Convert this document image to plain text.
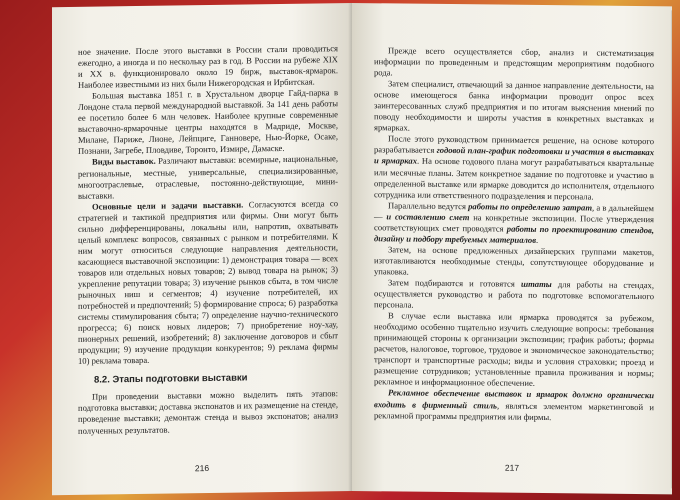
ное значение. После этого выставки в России стали проводиться ежегодно, а иногда и по нескольку раз в год. В России на рубеже XIX и XX в. функционировало около 19 бирж, выставок-ярмарок. Наиболее известными из них были Нижегородская и Ирбитская.

Большая выставка 1851 г. в Хрустальном дворце Гайд-парка в Лондоне стала первой международной выставкой. За 141 день работы ее посетило более 6 млн человек. Наиболее крупные современные выставочно-ярмарочные центры находятся в Мадриде, Москве, Милане, Париже, Лионе, Лейпциге, Ганновере, Нью-Йорке, Осаке, Познани, Загребе, Пловдиве, Торонто, Измире, Дамаске.

Виды выставок. Различают выставки: всемирные, национальные, региональные, местные, универсальные, специализированные, многоотраслевые, отраслевые, постоянно-действующие, мини-выставки.

Основные цели и задачи выставки. Согласуются всегда со стратегией и тактикой предприятия или фирмы. Они могут быть сильно дифференцированы, локальны или, напротив, охватывать целый комплекс вопросов, связанных с рынком и потребителями. К ним могут относиться следующие направления деятельности, касающиеся выставочной экспозиции: 1) демонстрация товара — всех товаров или отдельных новых товаров; 2) вывод товара на рынок; 3) укрепление репутации товара; 3) изучение рынков сбыта, в том числе рыночных ниш и сегментов; 4) изучение потребителей, их потребностей и предпочтений; 5) формирование спроса; 6) разработка системы стимулирования сбыта; 7) определение научно-технического прогресса; 6) поиск новых лидеров; 7) приобретение ноу-хау, пионерных решений, изобретений; 8) заключение договоров и сбыт продукции; 9) изучение продукции конкурентов; 9) реклама фирмы 10) реклама товара.

8.2. Этапы подготовки выставки

При проведении выставки можно выделить пять этапов: подготовка выставки; доставка экспонатов и их размещение на стенде, проведение выставки; демонтаж стенда и вывоз экспонатов; анализ полученных результатов.

216

Прежде всего осуществляется сбор, анализ и систематизация информации по проведенным и предстоящим мероприятиям подобного рода.

Затем специалист, отвечающий за данное направление деятельности, на основе имеющегося банка информации проводит опрос всех заинтересованных служб предприятия и по итогам выяснения мнений по поводу необходимости и широты участия в конкретных выставках и ярмарках.

После этого руководством принимается решение, на основе которого разрабатывается годовой план-график подготовки и участия в выставках и ярмарках. На основе годового плана могут разрабатываться квартальные или месячные планы. Затем конкретное задание по подготовке и участию в определенной выставке или ярмарке доводится до исполнителя, отдельного сотрудника или ответственного подразделения и персонала.

Параллельно ведутся работы по определению затрат, а в дальнейшем — и составлению смет на конкретные экспозиции. После утверждения соответствующих смет проводятся работы по проектированию стендов, дизайну и подбору требуемых материалов.

Затем, на основе предложенных дизайнерских группами макетов, изготавливаются необходимые стенды, сопутствующее оборудование и упаковка.

Затем подбираются и готовятся штаты для работы на стендах, осуществляется руководство и работа по подготовке вспомогательного персонала.

В случае если выставка или ярмарка проводятся за рубежом, необходимо особенно тщательно изучить следующие вопросы: требования принимающей стороны к организации экспозиции; график работы; формы расчетов, налоговое, торговое, трудовое и экономическое законодательство; транспорт и транспортные расходы; виды и условия страховки; проезд и размещение сотрудников; установленные правила проживания и нормы; рекламное и информационное обеспечение.

Рекламное обеспечение выставок и ярмарок должно органически входить в фирменный стиль, являться элементом маркетинговой и рекламной программы предприятия или фирмы.

217
